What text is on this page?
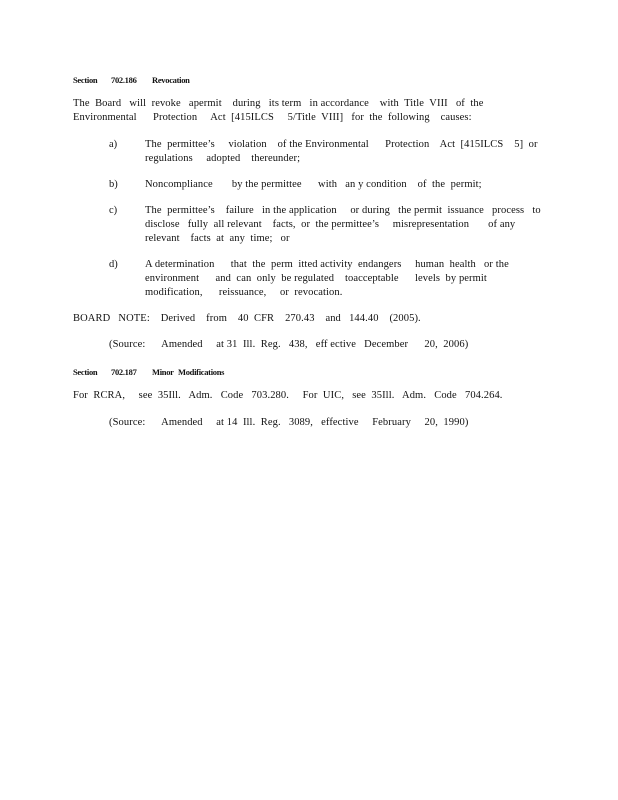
Section 702.186 Revocation
The  Board   will  revoke   apermit    during   its term   in accordance    with  Title  VIII   of  the
Environmental      Protection     Act  [415ILCS     5/Title  VIII]   for  the  following    causes:
a)	The  permittee’s     violation    of the Environmental      Protection    Act  [415ILCS    5]  or
regulations     adopted    thereunder;
b)	Noncompliance       by the permittee      with   an y condition    of  the  permit;
c)	The  permittee’s    failure   in the application     or during   the permit  issuance   process   to
disclose   fully  all relevant    facts,  or  the permittee’s     misrepresentation       of any
relevant    facts  at  any  time;   or
d)	A determination      that  the  perm  itted activity  endangers     human  health   or the
environment      and  can  only  be regulated    toacceptable      levels  by permit
modification,      reissuance,     or  revocation.
BOARD   NOTE:    Derived    from    40  CFR    270.43    and   144.40    (2005).
(Source:      Amended     at 31  Ill.  Reg.   438,   eff ective   December      20,  2006)
Section 702.187 Minor Modifications
For  RCRA,     see  35Ill.   Adm.   Code   703.280.     For  UIC,   see  35Ill.   Adm.   Code   704.264.
(Source:      Amended     at 14  Ill.  Reg.   3089,   effective     February     20,  1990)
